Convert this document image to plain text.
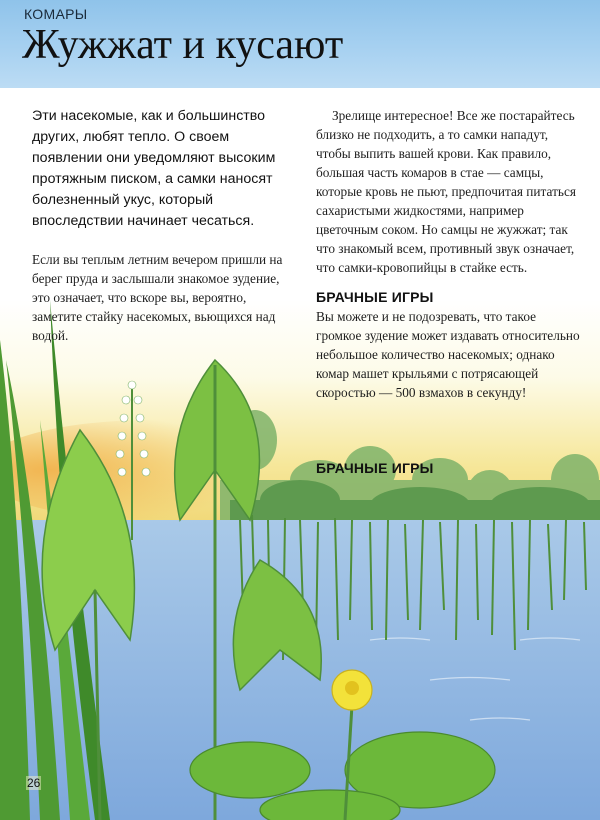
КОМАРЫ
Жужжат и кусают

Эти насекомые, как и большинство других, любят тепло. О своем появлении они уведомляют высоким протяжным писком, а самки наносят болезненный укус, который впоследствии начинает чесаться.

Если вы теплым летним вечером пришли на берег пруда и заслышали знакомое зудение, это означает, что вскоре вы, вероятно, заметите стайку насекомых, вьющихся над водой.

Зрелище интересное! Все же постарайтесь близко не подходить, а то самки нападут, чтобы выпить вашей крови. Как правило, большая часть комаров в стае — самцы, которые кровь не пьют, предпочитая питаться сахаристыми жидкостями, например цветочным соком. Но самцы не жужжат; так что знакомый всем, противный звук означает, что самки-кровопийцы в стайке есть.

БРАЧНЫЕ ИГРЫ

Вы можете и не подозревать, что такое громкое зудение может издавать относительно небольшое количество насекомых; однако комар машет крыльями с потрясающей скоростью — 500 взмахов в секунду!

БРАЧНЫЕ ИГРЫ
26
